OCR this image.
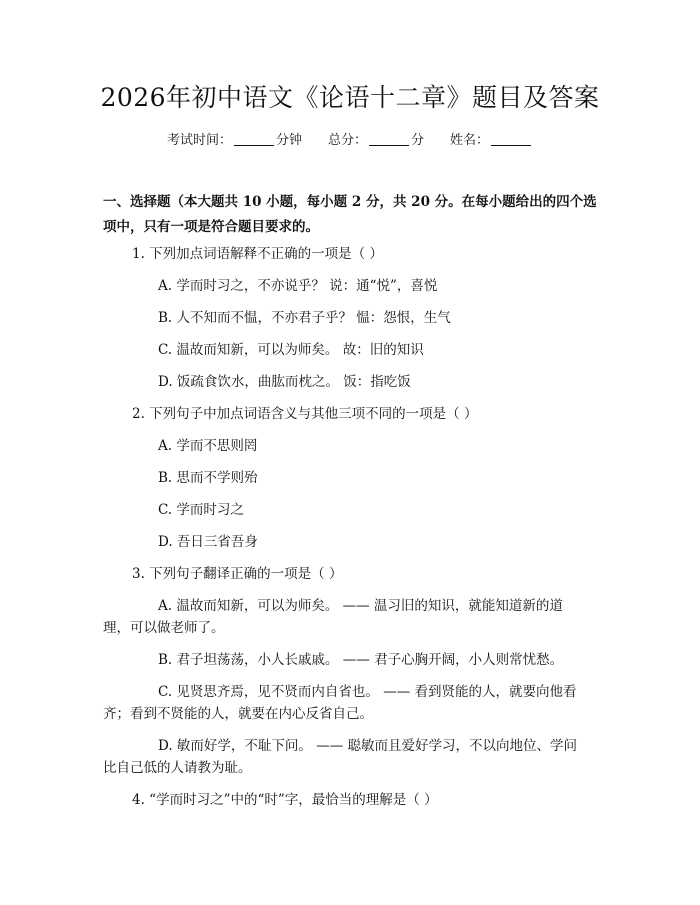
2026年初中语文《论语十二章》题目及答案
考试时间：	分钟 总分：	分 姓名：
一、选择题（本大题共 10 小题，每小题 2 分，共 20 分。在每小题给出的四个选
项中，只有一项是符合题目要求的。
1. 下列加点词语解释不正确的一项是（ ）
A. 学而时习之，不亦说乎？ 说：通“悦”，喜悦
B. 人不知而不愠，不亦君子乎？ 愠：怨恨，生气
C. 温故而知新，可以为师矣。 故：旧的知识
D. 饭疏食饮水，曲肱而枕之。 饭：指吃饭
2. 下列句子中加点词语含义与其他三项不同的一项是（ ）
A. 学而不思则罔
B. 思而不学则殆
C. 学而时习之
D. 吾日三省吾身
3. 下列句子翻译正确的一项是（ ）
A. 温故而知新，可以为师矣。 —— 温习旧的知识，就能知道新的道
理，可以做老师了。
B. 君子坦荡荡，小人长戚戚。 —— 君子心胸开阔，小人则常忧愁。
C. 见贤思齐焉，见不贤而内自省也。 —— 看到贤能的人，就要向他看
齐；看到不贤能的人，就要在内心反省自己。
D. 敏而好学，不耻下问。 —— 聪敏而且爱好学习，不以向地位、学问
比自己低的人请教为耻。
4. “学而时习之”中的“时”字，最恰当的理解是（ ）
